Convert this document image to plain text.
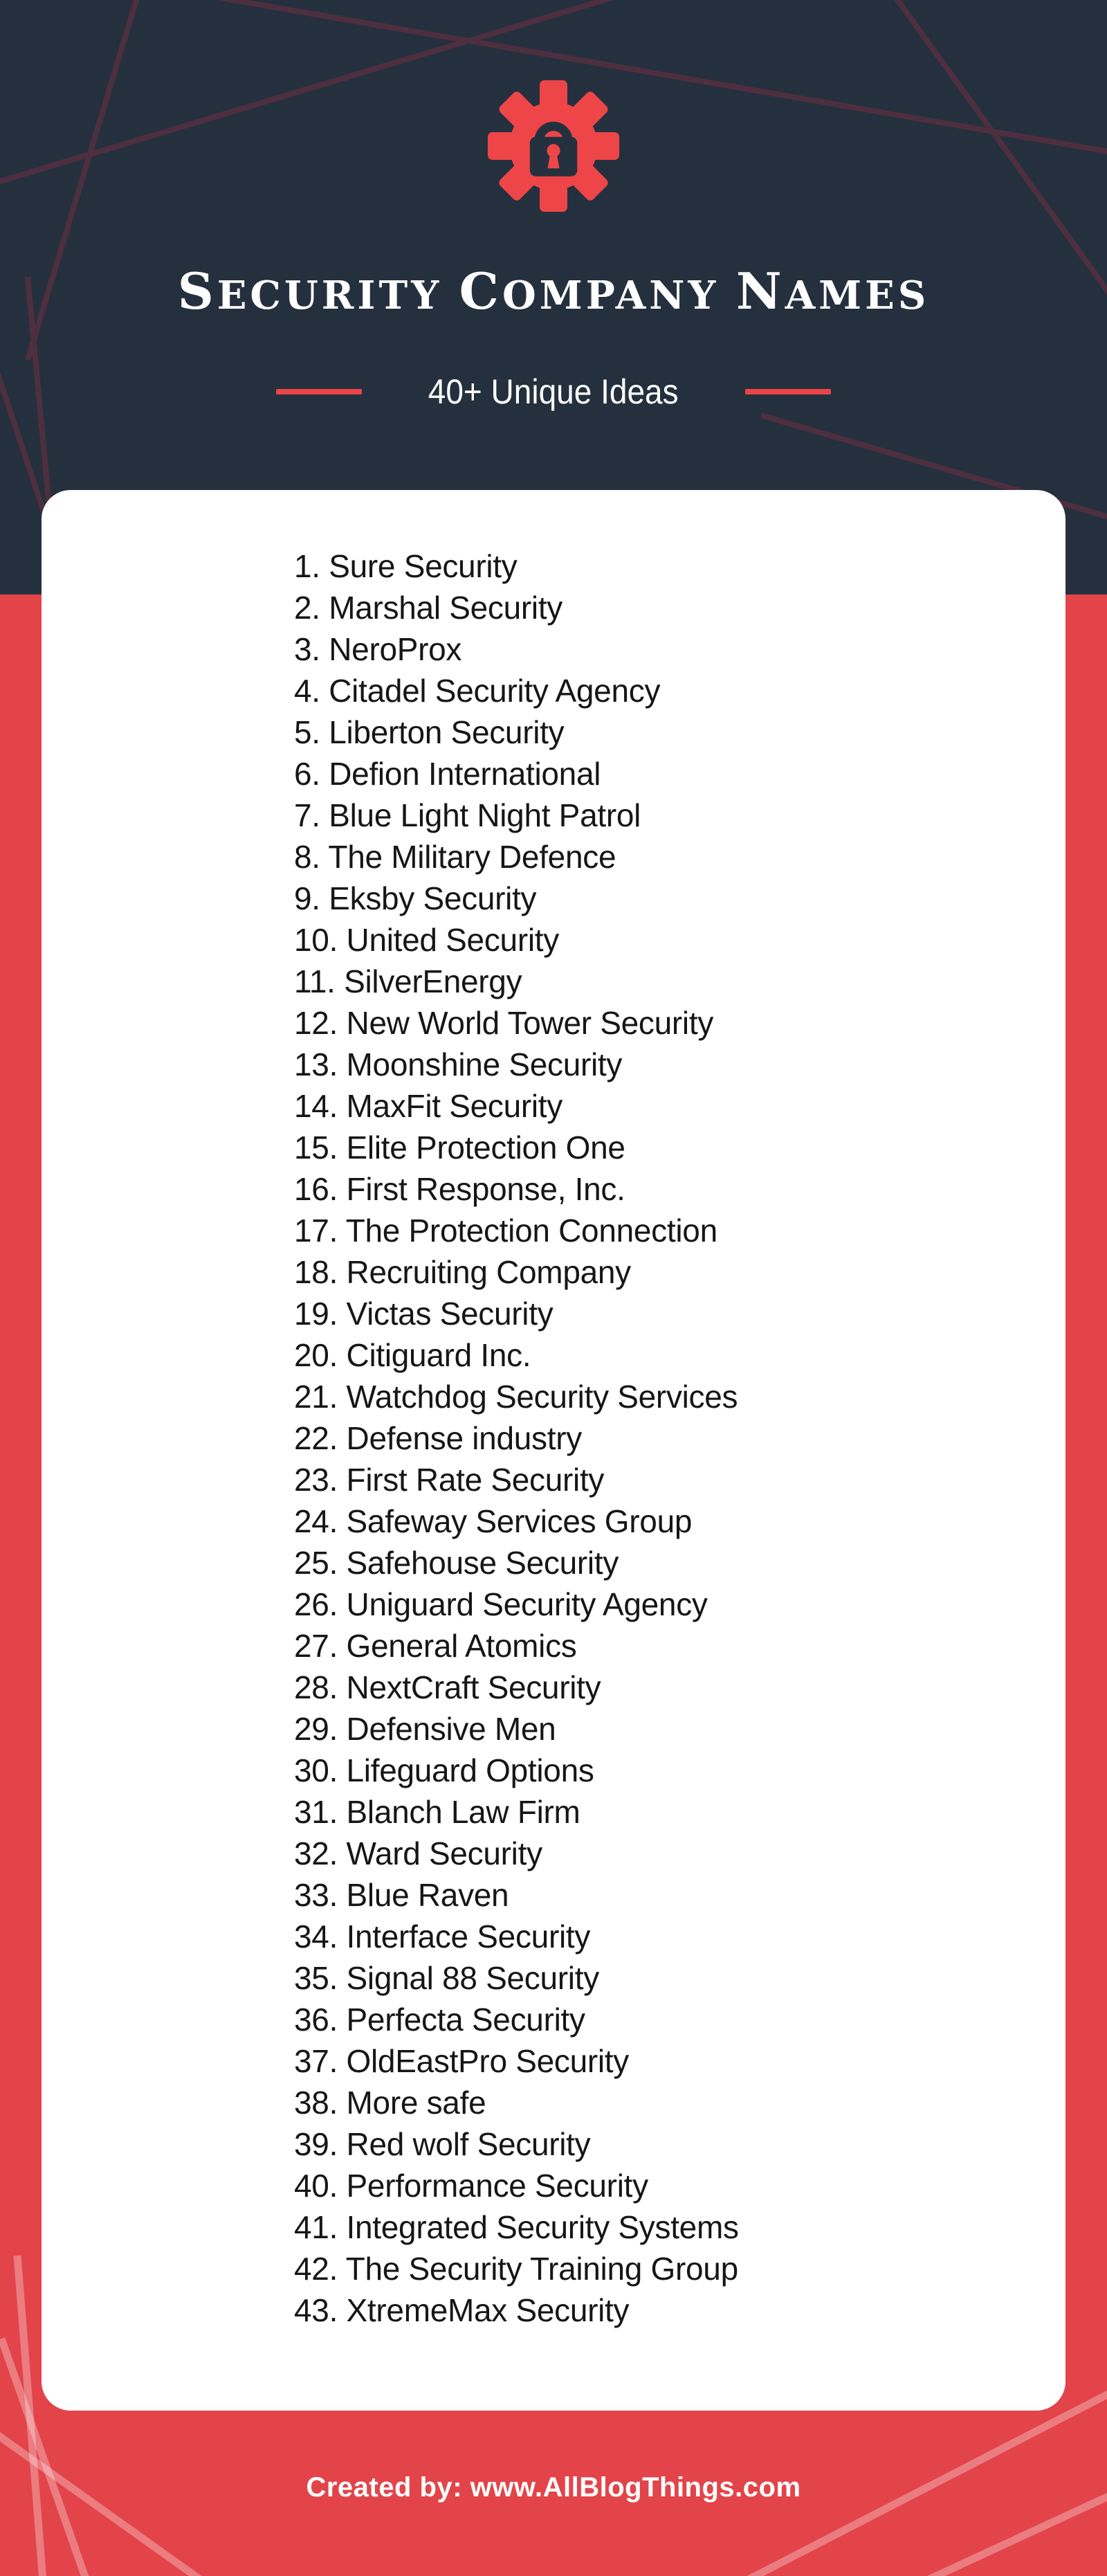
SECURITY COMPANY NAMES
40+ Unique Ideas
1. Sure Security
2. Marshal Security
3. NeroProx
4. Citadel Security Agency
5. Liberton Security
6. Defion International
7. Blue Light Night Patrol
8. The Military Defence
9. Eksby Security
10. United Security
11. SilverEnergy
12. New World Tower Security
13. Moonshine Security
14. MaxFit Security
15. Elite Protection One
16. First Response, Inc.
17. The Protection Connection
18. Recruiting Company
19. Victas Security
20. Citiguard Inc.
21. Watchdog Security Services
22. Defense industry
23. First Rate Security
24. Safeway Services Group
25. Safehouse Security
26. Uniguard Security Agency
27. General Atomics
28. NextCraft Security
29. Defensive Men
30. Lifeguard Options
31. Blanch Law Firm
32. Ward Security
33. Blue Raven
34. Interface Security
35. Signal 88 Security
36. Perfecta Security
37. OldEastPro Security
38. More safe
39. Red wolf Security
40. Performance Security
41. Integrated Security Systems
42. The Security Training Group
43. XtremeMax Security
Created by: www.AllBlogThings.com
